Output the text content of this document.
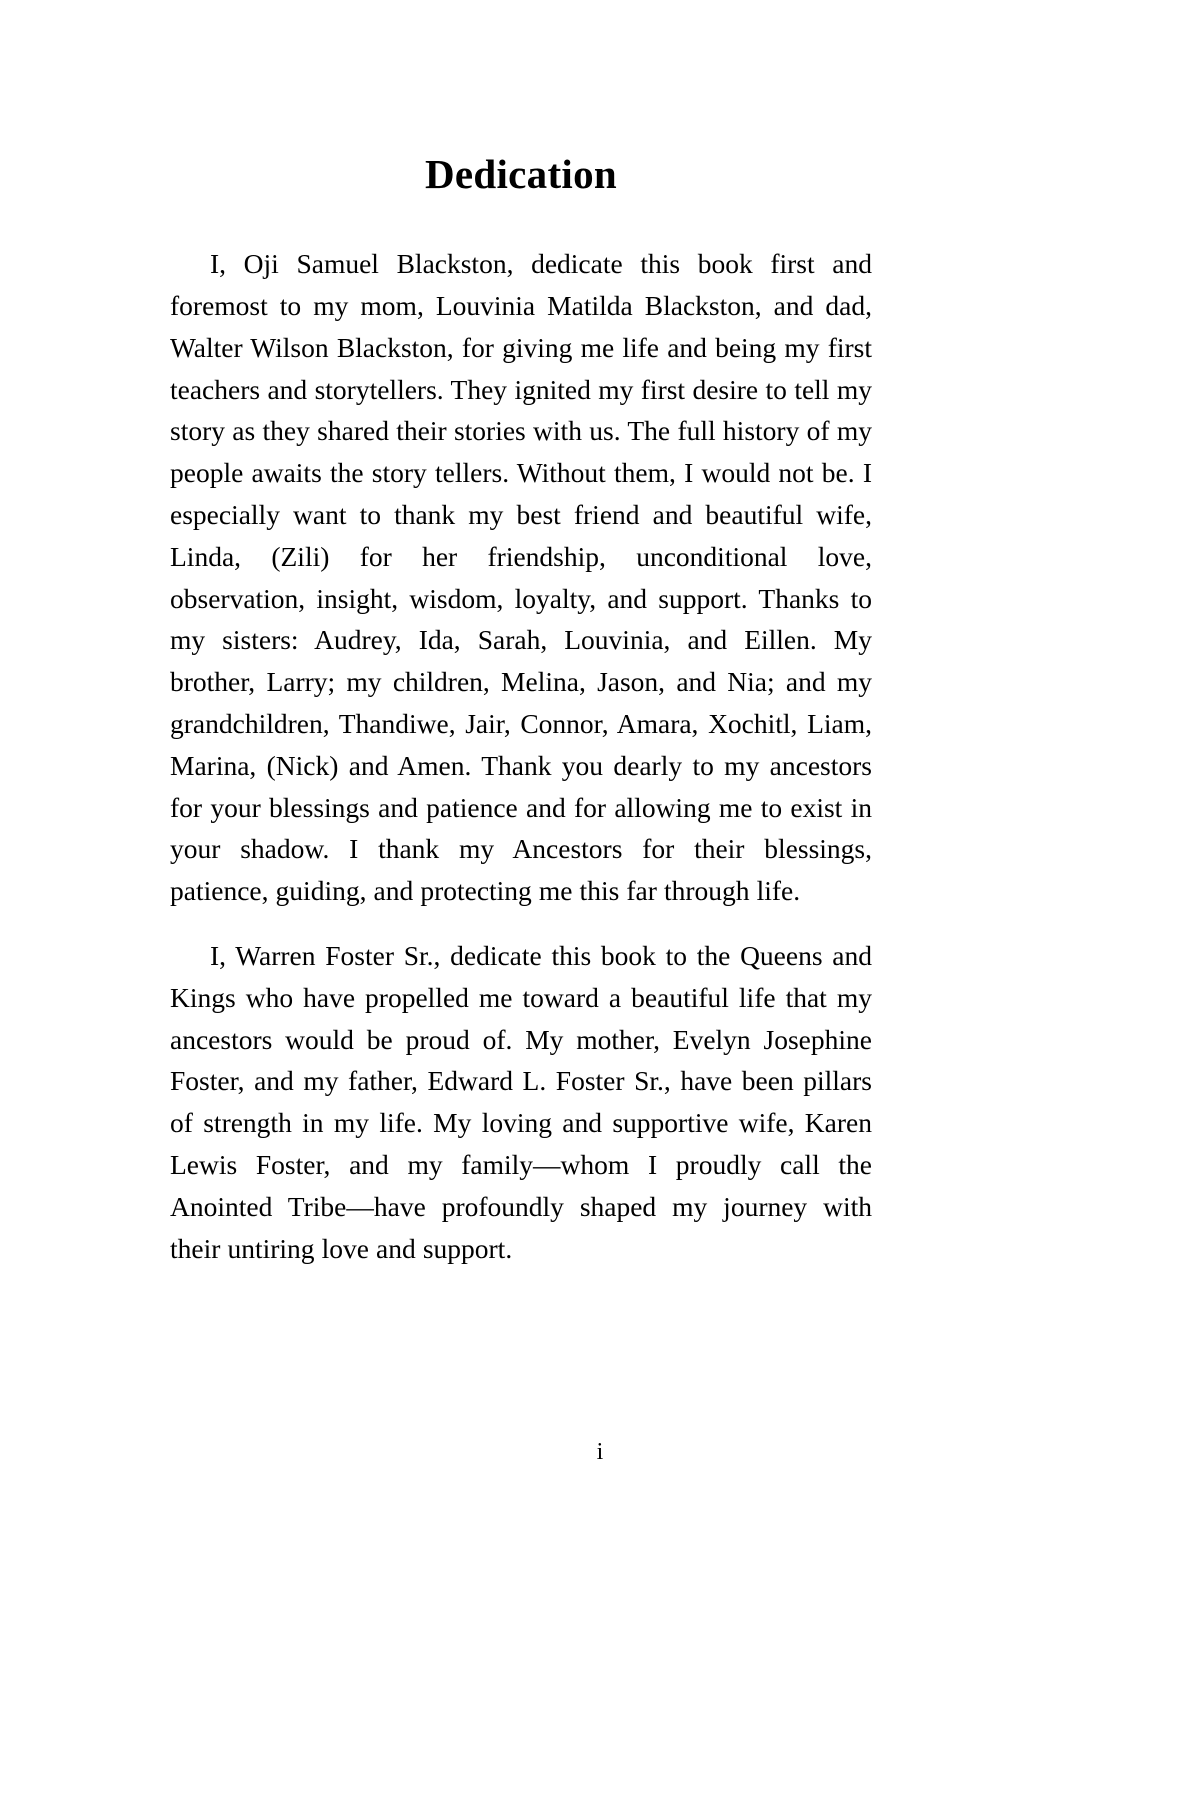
Dedication

I, Oji Samuel Blackston, dedicate this book first and foremost to my mom, Louvinia Matilda Blackston, and dad, Walter Wilson Blackston, for giving me life and being my first teachers and storytellers. They ignited my first desire to tell my story as they shared their stories with us. The full history of my people awaits the story tellers. Without them, I would not be. I especially want to thank my best friend and beautiful wife, Linda, (Zili) for her friendship, unconditional love, observation, insight, wisdom, loyalty, and support. Thanks to my sisters: Audrey, Ida, Sarah, Louvinia, and Eillen. My brother, Larry; my children, Melina, Jason, and Nia; and my grandchildren, Thandiwe, Jair, Connor, Amara, Xochitl, Liam, Marina, (Nick) and Amen. Thank you dearly to my ancestors for your blessings and patience and for allowing me to exist in your shadow. I thank my Ancestors for their blessings, patience, guiding, and protecting me this far through life.

I, Warren Foster Sr., dedicate this book to the Queens and Kings who have propelled me toward a beautiful life that my ancestors would be proud of. My mother, Evelyn Josephine Foster, and my father, Edward L. Foster Sr., have been pillars of strength in my life. My loving and supportive wife, Karen Lewis Foster, and my family—whom I proudly call the Anointed Tribe—have profoundly shaped my journey with their untiring love and support.

i
